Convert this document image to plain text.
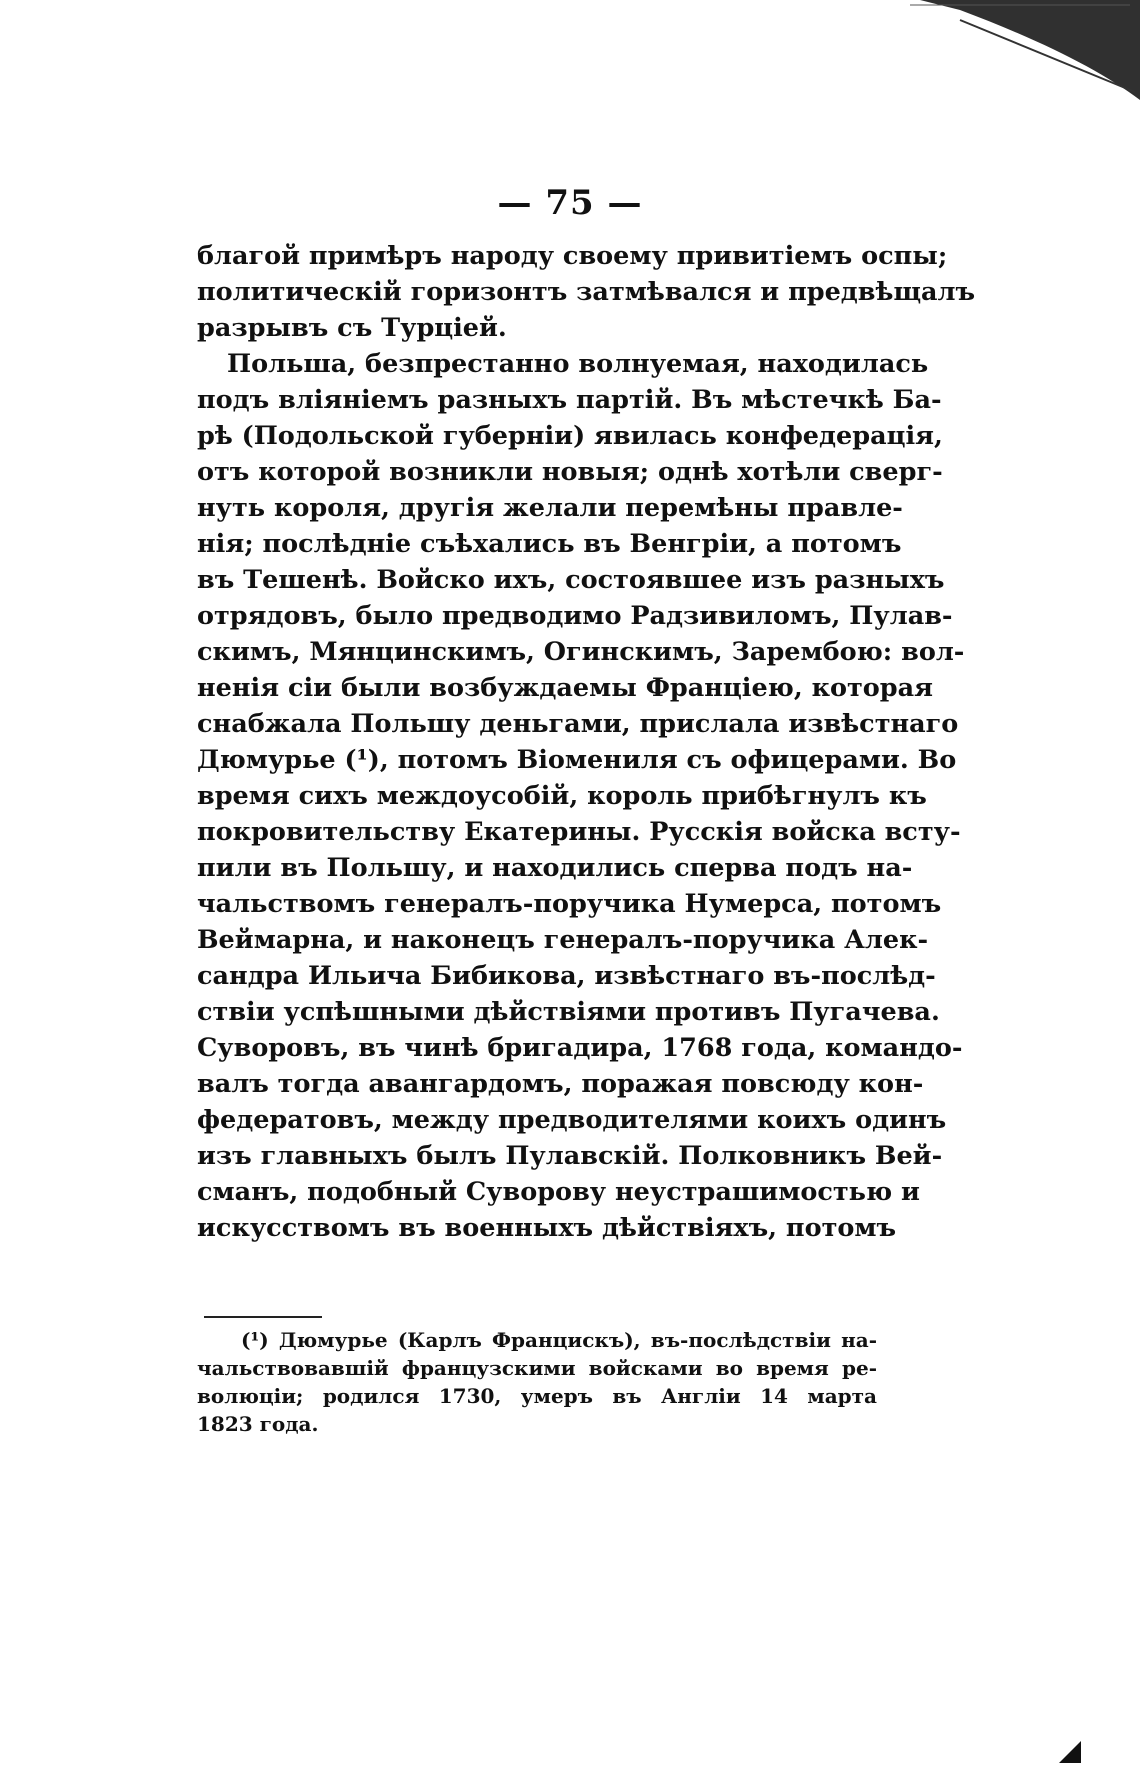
— 75 —
благой примѣръ народу своему привитіемъ оспы;
политическій горизонтъ затмѣвался и предвѣщалъ
разрывъ съ Турціей.
Польша, безпрестанно волнуемая, находилась
подъ вліяніемъ разныхъ партій. Въ мѣстечкѣ Ба-
рѣ (Подольской губерніи) явилась конфедерація,
отъ которой возникли новыя; однѣ хотѣли сверг-
нуть короля, другія желали перемѣны правле-
нія; послѣдніе съѣхались въ Венгріи, а потомъ
въ Тешенѣ. Войско ихъ, состоявшее изъ разныхъ
отрядовъ, было предводимо Радзивиломъ, Пулав-
скимъ, Мянцинскимъ, Огинскимъ, Зарембою: вол-
ненія сіи были возбуждаемы Франціею, которая
снабжала Польшу деньгами, прислала извѣстнаго
Дюмурье (¹), потомъ Віомениля съ офицерами. Во
время сихъ междоусобій, король прибѣгнулъ къ
покровительству Екатерины. Русскія войска всту-
пили въ Польшу, и находились сперва подъ на-
чальствомъ генералъ-поручика Нумерса, потомъ
Веймарна, и наконецъ генералъ-поручика Алек-
сандра Ильича Бибикова, извѣстнаго въ-послѣд-
ствіи успѣшными дѣйствіями противъ Пугачева.
Суворовъ, въ чинѣ бригадира, 1768 года, командо-
валъ тогда авангардомъ, поражая повсюду кон-
федератовъ, между предводителями коихъ одинъ
изъ главныхъ былъ Пулавскій. Полковникъ Вей-
сманъ, подобный Суворову неустрашимостью и
искусствомъ въ военныхъ дѣйствіяхъ, потомъ
(¹) Дюмурье (Карлъ Францискъ), въ-послѣдствіи на-
чальствовавшій французскими войсками во время ре-
волюціи; родился 1730, умеръ въ Англіи 14 марта
1823 года.
